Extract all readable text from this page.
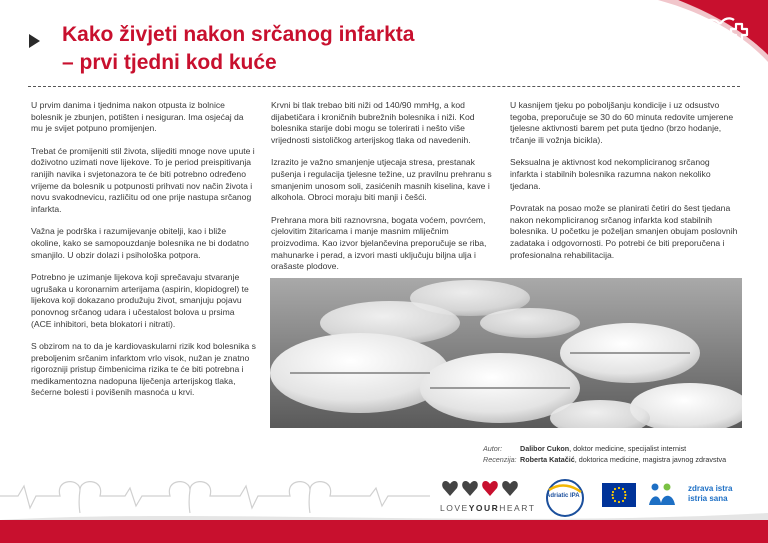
Kako živjeti nakon srčanog infarkta
– prvi tjedni kod kuće

U prvim danima i tjednima nakon otpusta iz bolnice bolesnik je zbunjen, potišten i nesiguran. Ima osjećaj da mu je svijet potpuno promijenjen.

Trebat će promijeniti stil života, slijediti mnoge nove upute i doživotno uzimati nove lijekove. To je period preispitivanja ranijih navika i svjetonazora te će biti potrebno određeno vrijeme da bolesnik u potpunosti prihvati nov način života i novu svakodnevicu, različitu od one prije nastupa srčanog infarkta.

Važna je podrška i razumijevanje obitelji, kao i bliže okoline, kako se samopouzdanje bolesnika ne bi dodatno smanjilo. U obzir dolazi i psihološka potpora.

Potrebno je uzimanje lijekova koji sprečavaju stvaranje ugrušaka u koronarnim arterijama (aspirin, klopidogrel) te lijekova koji dokazano produžuju život, smanjuju pojavu ponovnog srčanog udara i učestalost bolova u prsima (ACE inhibitori, beta blokatori i nitrati).

S obzirom na to da je kardiovaskularni rizik kod bolesnika s preboljenim srčanim infarktom vrlo visok, nužan je znatno rigorozniji pristup čimbenicima rizika te će biti potrebna i medikamentozna nadopuna liječenja arterijskog tlaka, šećerne bolesti i povišenih masnoća u krvi.

Krvni bi tlak trebao biti niži od 140/90 mmHg, a kod dijabetičara i kroničnih bubrežnih bolesnika i niži. Kod bolesnika starije dobi mogu se tolerirati i nešto više vrijednosti sistoličkog arterijskog tlaka od navedenih.

Izrazito je važno smanjenje utjecaja stresa, prestanak pušenja i regulacija tjelesne težine, uz pravilnu prehranu s smanjenim unosom soli, zasićenih masnih kiselina, kave i alkohola. Obroci moraju biti manji i češći.

Prehrana mora biti raznovrsna, bogata voćem, povrćem, cjelovitim žitaricama i manje masnim mliječnim proizvodima. Kao izvor bjelančevina preporučuje se riba, mahunarke i perad, a izvori masti uključuju biljna ulja i orašaste plodove.

U kasnijem tjeku po poboljšanju kondicije i uz odsustvo tegoba, preporučuje se 30 do 60 minuta redovite umjerene tjelesne aktivnosti barem pet puta tjedno (brzo hodanje, trčanje ili vožnja bicikla).

Seksualna je aktivnost kod nekompliciranog srčanog infarkta i stabilnih bolesnika razumna nakon nekoliko tjedana.

Povratak na posao može se planirati četiri do šest tjedana nakon nekompliciranog srčanog infarkta kod stabilnih bolesnika. U početku je poželjan smanjen obujam poslovnih zadataka i odgovornosti. Po potrebi će biti preporučena i profesionalna rehabilitacija.

Autor: Dalibor Cukon, doktor medicine, specijalist internist
Recenzija: Roberta Katačić, doktorica medicine, magistra javnog zdravstva
LOVEYOURHEART
Adriatic IPA
zdrava istra
istria sana
